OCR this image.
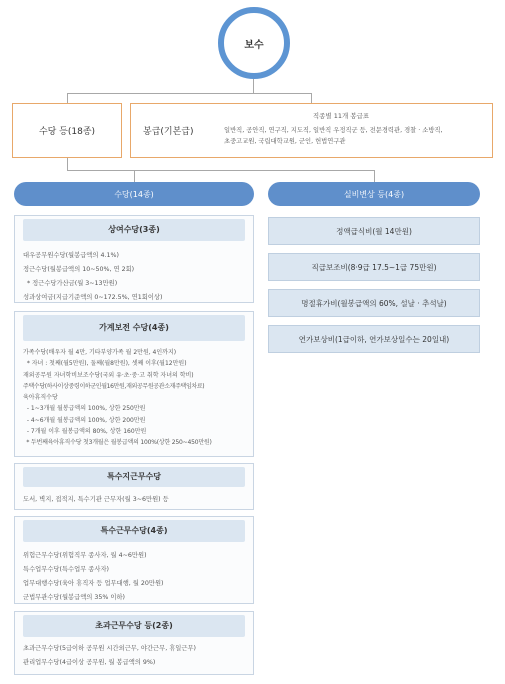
보수
수당 등(18종)	봉급(기본급)
직종별 11개 봉급표
일반직, 공안직, 연구직, 지도직, 일반직 우정직군 등, 전문경력관, 경찰 · 소방직,
초중고교원, 국립대학교원, 군인, 헌법연구관
수당(14종)	실비변상 등(4종)
상여수당(3종)
대우공무원수당(월봉급액의 4.1%)
정근수당(월봉급액의 10~50%, 연 2회)
* 정근수당가산금(월 3~13만원)
성과상여금(지급기준액의 0~172.5%, 연1회이상)
가계보전 수당(4종)
가족수당(배우자 월 4만, 기타부양가족 월 2만원, 4인까지)
* 자녀 : 첫째(월5만원), 둘째(월8만원), 셋째 이후(월12만원)
재외공무원 자녀학비보조수당(국외 유·초·중·고 취학 자녀의 학비)
주택수당(하사이상중령이하군인월16만원,재외공무원공관소재주택임차료)
육아휴직수당
- 1~3개월 월봉급액의 100%, 상한 250만원
- 4~6개월 월봉급액의 100%, 상한 200만원
- 7개월 이후 월봉급액의 80%, 상한 160만원
* 두번째육아휴직수당 첫3개월은 월봉급액의 100%(상한 250~450만원)
특수지근무수당
도서, 벽지, 접적지, 특수기관 근무자(월 3~6만원) 등
특수근무수당(4종)
위험근무수당(위험직무 종사자, 월 4~6만원)
특수업무수당(특수업무 종사자)
업무대행수당(육아 휴직자 등 업무대행, 월 20만원)
군법무관수당(월봉급액의 35% 이하)
초과근무수당 등(2종)
초과근무수당(5급이하 공무원 시간외근무, 야간근무, 휴일근무)
관리업무수당(4급이상 공무원, 월 봉급액의 9%)
정액급식비(월 14만원)
직급보조비(8·9급 17.5~1급 75만원)
명절휴가비(월봉급액의 60%, 설날 · 추석날)
연가보상비(1급이하, 연가보상일수는 20일내)
